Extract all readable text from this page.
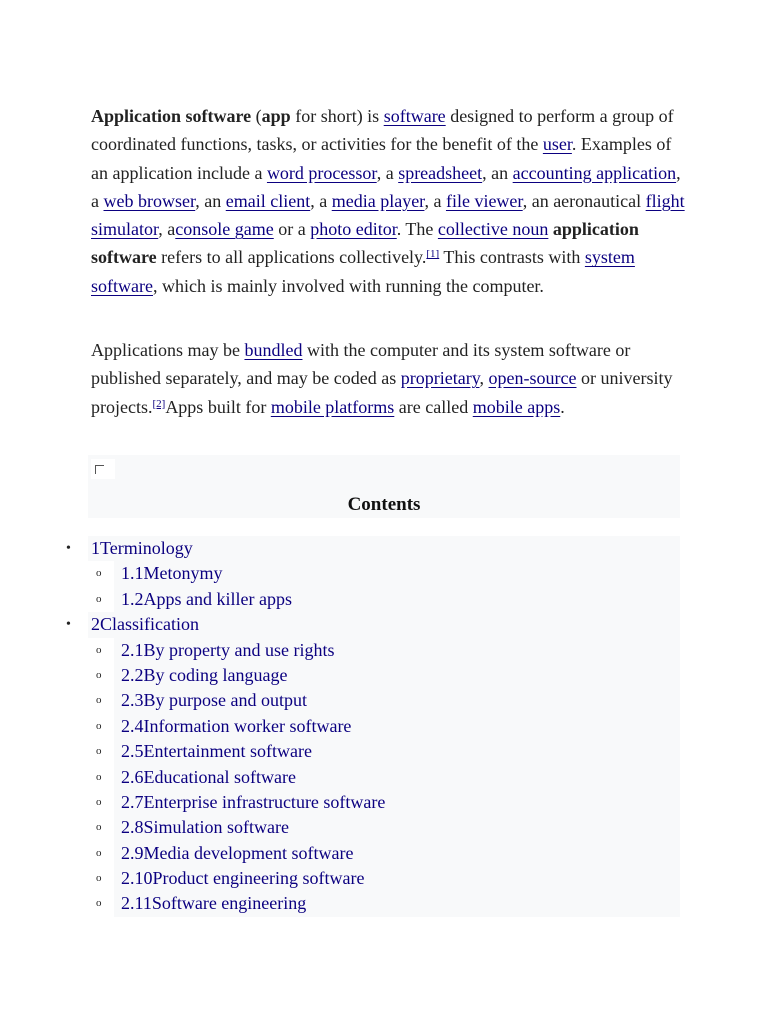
Application software (app for short) is software designed to perform a group of coordinated functions, tasks, or activities for the benefit of the user. Examples of an application include a word processor, a spreadsheet, an accounting application, a web browser, an email client, a media player, a file viewer, an aeronautical flight simulator, aconsole game or a photo editor. The collective noun application software refers to all applications collectively.[1] This contrasts with system software, which is mainly involved with running the computer.

Applications may be bundled with the computer and its system software or published separately, and may be coded as proprietary, open-source or university projects.[2]Apps built for mobile platforms are called mobile apps.

Contents
• 1Terminology
o 1.1Metonymy
o 1.2Apps and killer apps
• 2Classification
o 2.1By property and use rights
o 2.2By coding language
o 2.3By purpose and output
o 2.4Information worker software
o 2.5Entertainment software
o 2.6Educational software
o 2.7Enterprise infrastructure software
o 2.8Simulation software
o 2.9Media development software
o 2.10Product engineering software
o 2.11Software engineering
